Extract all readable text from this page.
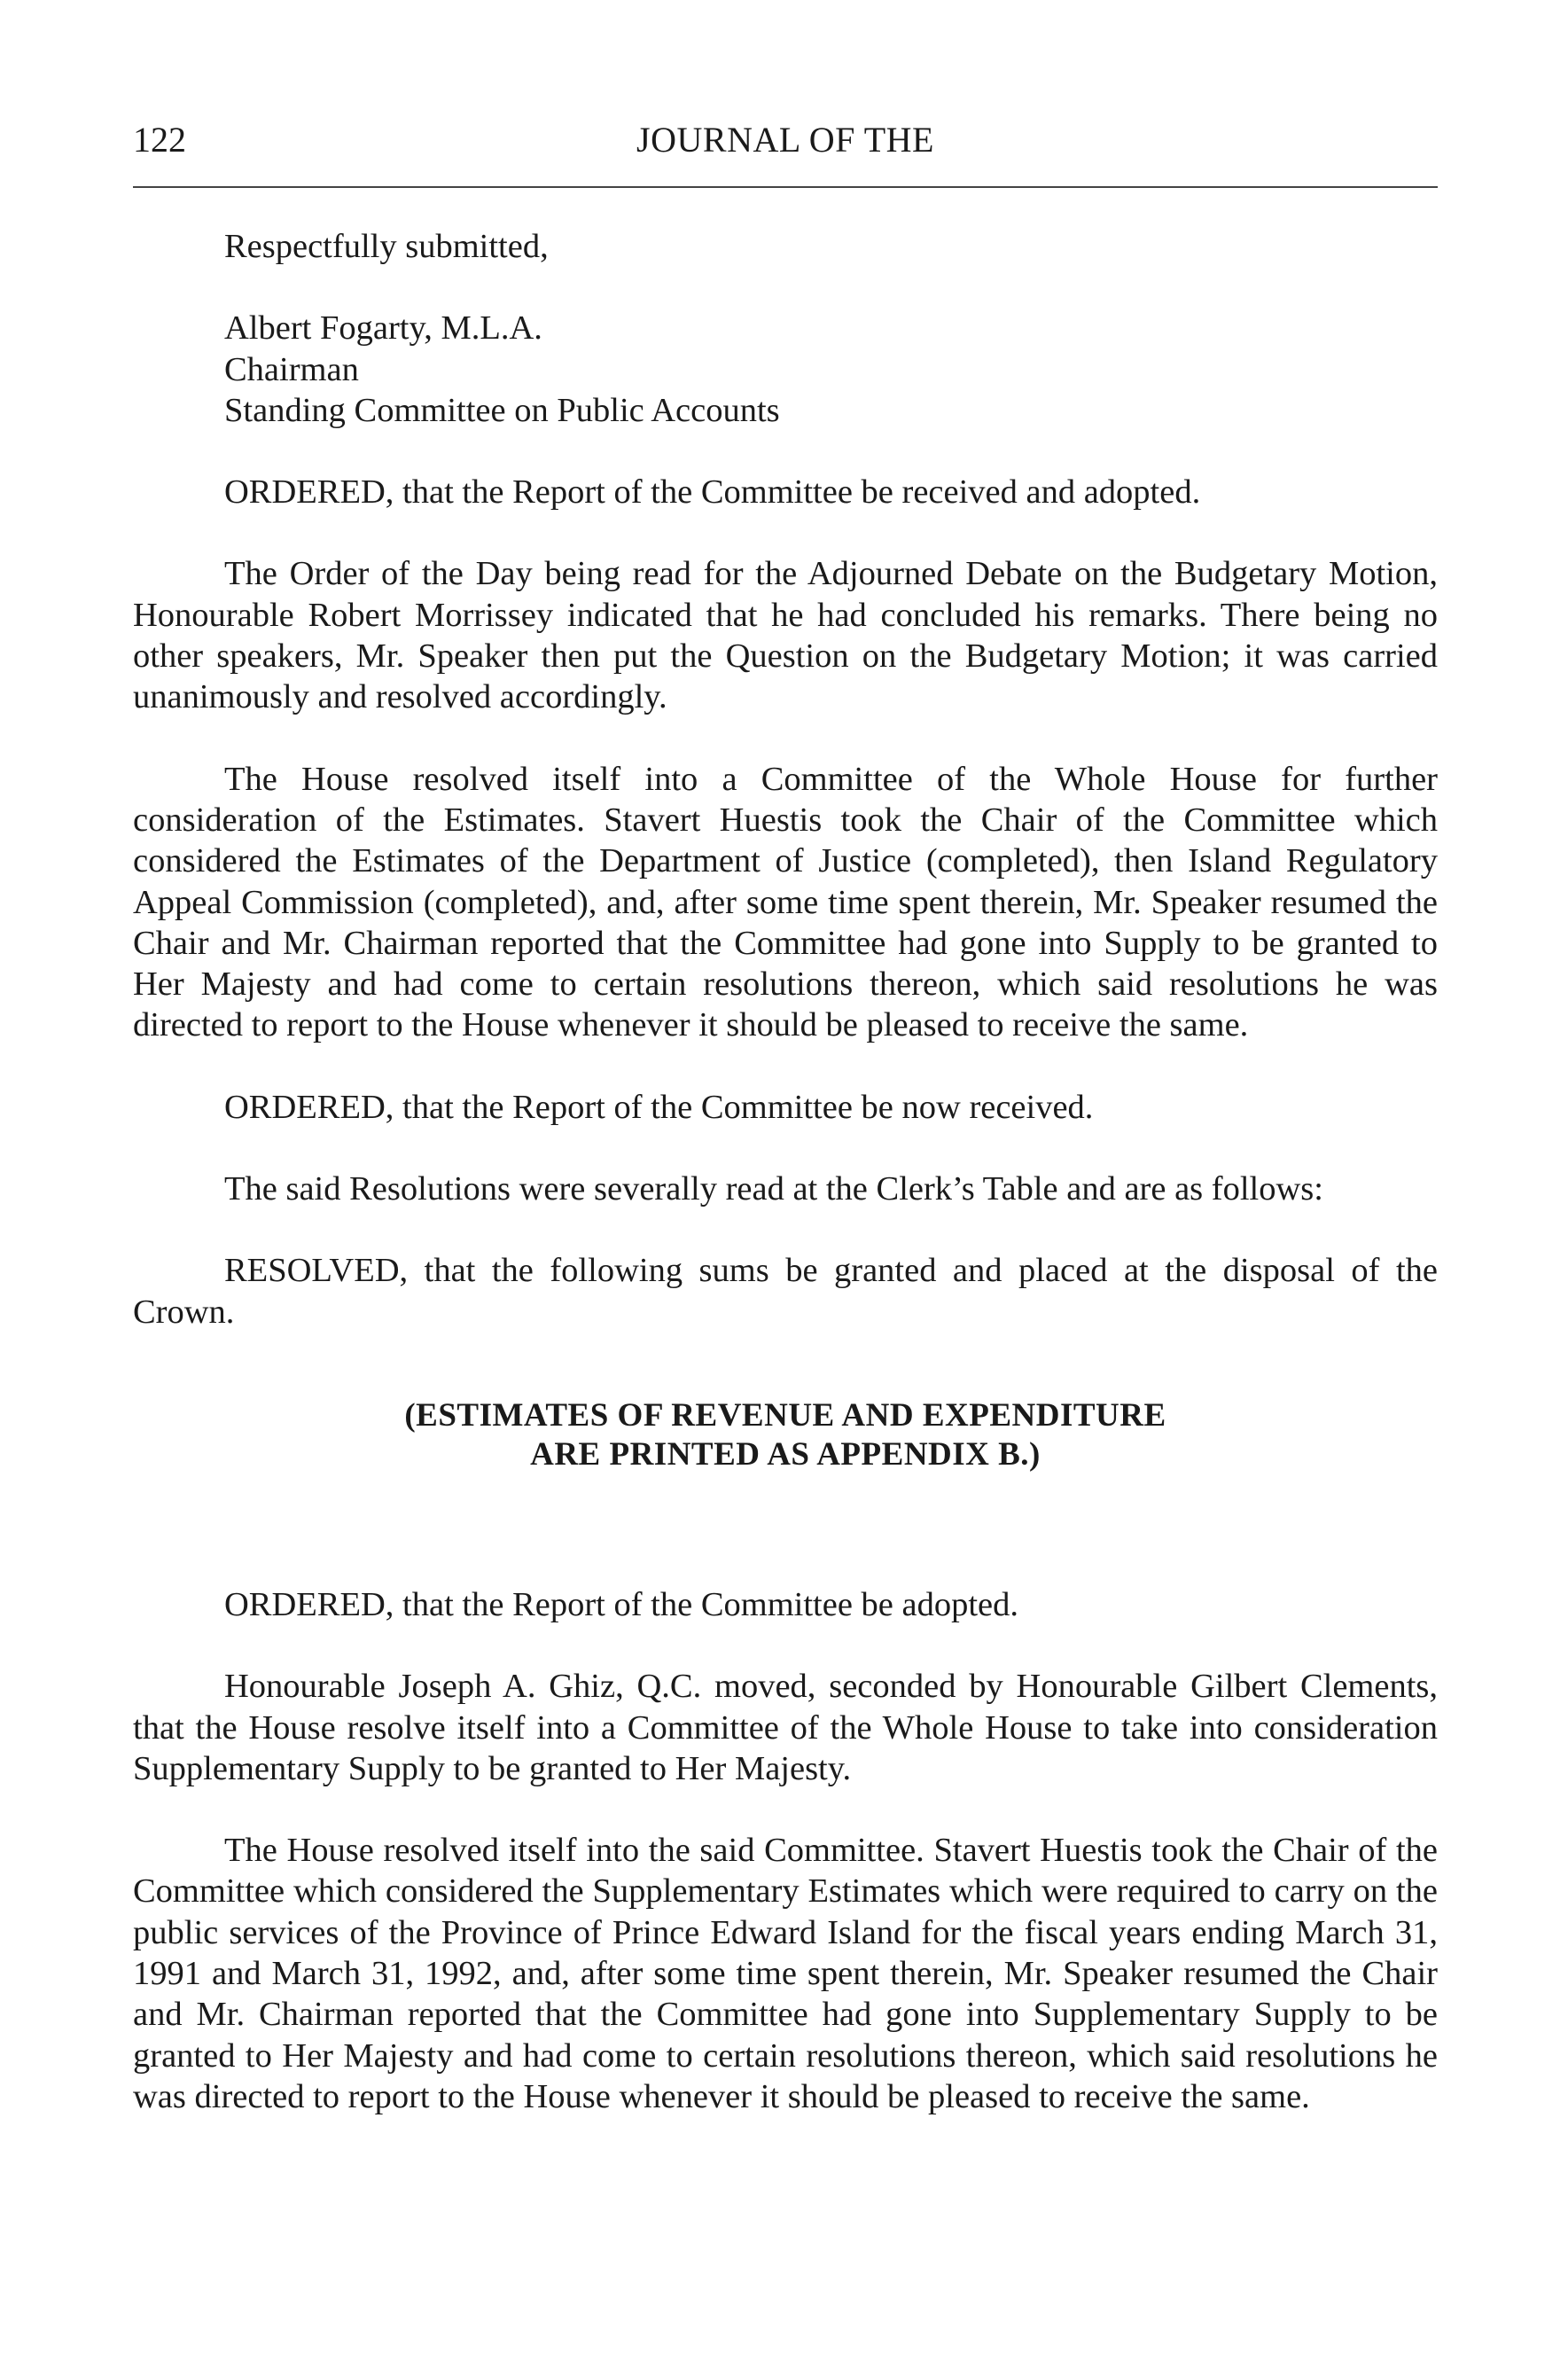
122	JOURNAL OF THE

Respectfully submitted,

Albert Fogarty, M.L.A.
Chairman
Standing Committee on Public Accounts

ORDERED, that the Report of the Committee be received and adopted.

The Order of the Day being read for the Adjourned Debate on the Budgetary Motion, Honourable Robert Morrissey indicated that he had concluded his remarks. There being no other speakers, Mr. Speaker then put the Question on the Budgetary Motion; it was carried unanimously and resolved accordingly.

The House resolved itself into a Committee of the Whole House for further consideration of the Estimates. Stavert Huestis took the Chair of the Committee which considered the Estimates of the Department of Justice (completed), then Island Regulatory Appeal Commission (completed), and, after some time spent therein, Mr. Speaker resumed the Chair and Mr. Chairman reported that the Committee had gone into Supply to be granted to Her Majesty and had come to certain resolutions thereon, which said resolutions he was directed to report to the House whenever it should be pleased to receive the same.

ORDERED, that the Report of the Committee be now received.

The said Resolutions were severally read at the Clerk’s Table and are as follows:

RESOLVED, that the following sums be granted and placed at the disposal of the Crown.

(ESTIMATES OF REVENUE AND EXPENDITURE
ARE PRINTED AS APPENDIX B.)

ORDERED, that the Report of the Committee be adopted.

Honourable Joseph A. Ghiz, Q.C. moved, seconded by Honourable Gilbert Clements, that the House resolve itself into a Committee of the Whole House to take into consideration Supplementary Supply to be granted to Her Majesty.

The House resolved itself into the said Committee. Stavert Huestis took the Chair of the Committee which considered the Supplementary Estimates which were required to carry on the public services of the Province of Prince Edward Island for the fiscal years ending March 31, 1991 and March 31, 1992, and, after some time spent therein, Mr. Speaker resumed the Chair and Mr. Chairman reported that the Committee had gone into Supplementary Supply to be granted to Her Majesty and had come to certain resolutions thereon, which said resolutions he was directed to report to the House whenever it should be pleased to receive the same.
